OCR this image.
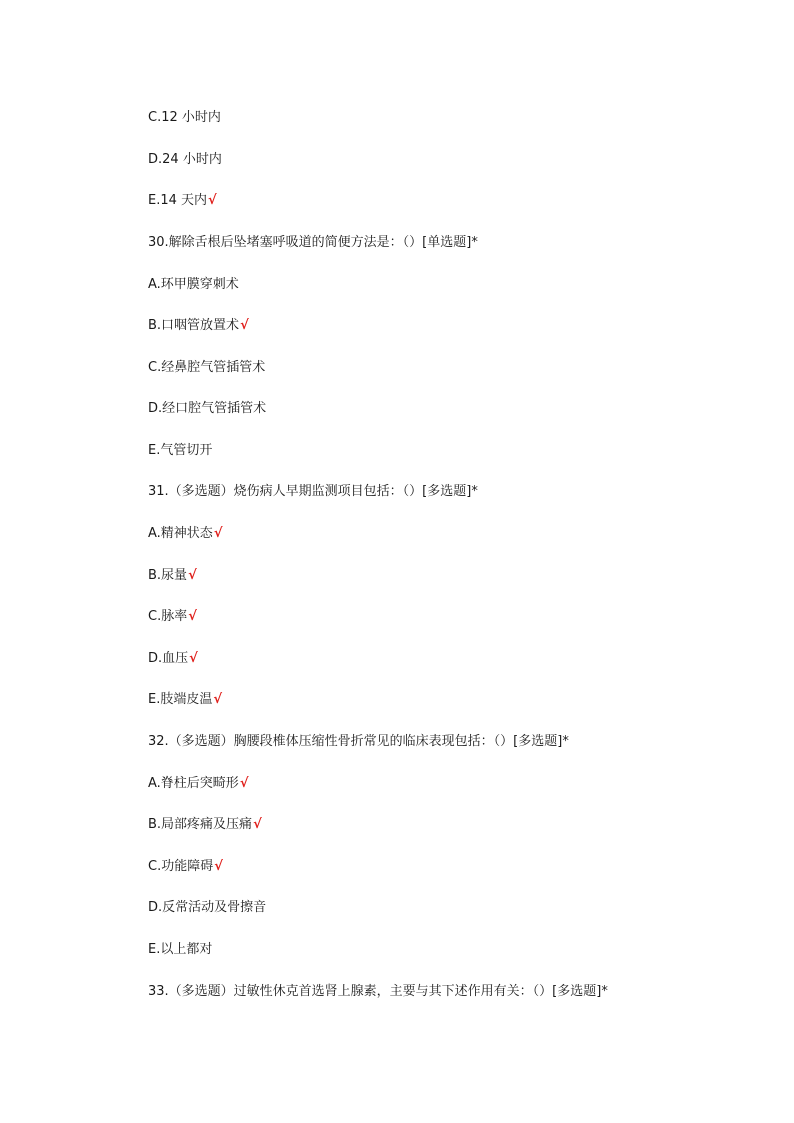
C.12 小时内
D.24 小时内
E.14 天内√
30.解除舌根后坠堵塞呼吸道的简便方法是：（）[单选题]*
A.环甲膜穿刺术
B.口咽管放置术√
C.经鼻腔气管插管术
D.经口腔气管插管术
E.气管切开
31.（多选题）烧伤病人早期监测项目包括：（）[多选题]*
A.精神状态√
B.尿量√
C.脉率√
D.血压√
E.肢端皮温√
32.（多选题）胸腰段椎体压缩性骨折常见的临床表现包括：（）[多选题]*
A.脊柱后突畸形√
B.局部疼痛及压痛√
C.功能障碍√
D.反常活动及骨擦音
E.以上都对
33.（多选题）过敏性休克首选肾上腺素，主要与其下述作用有关：（）[多选题]*
